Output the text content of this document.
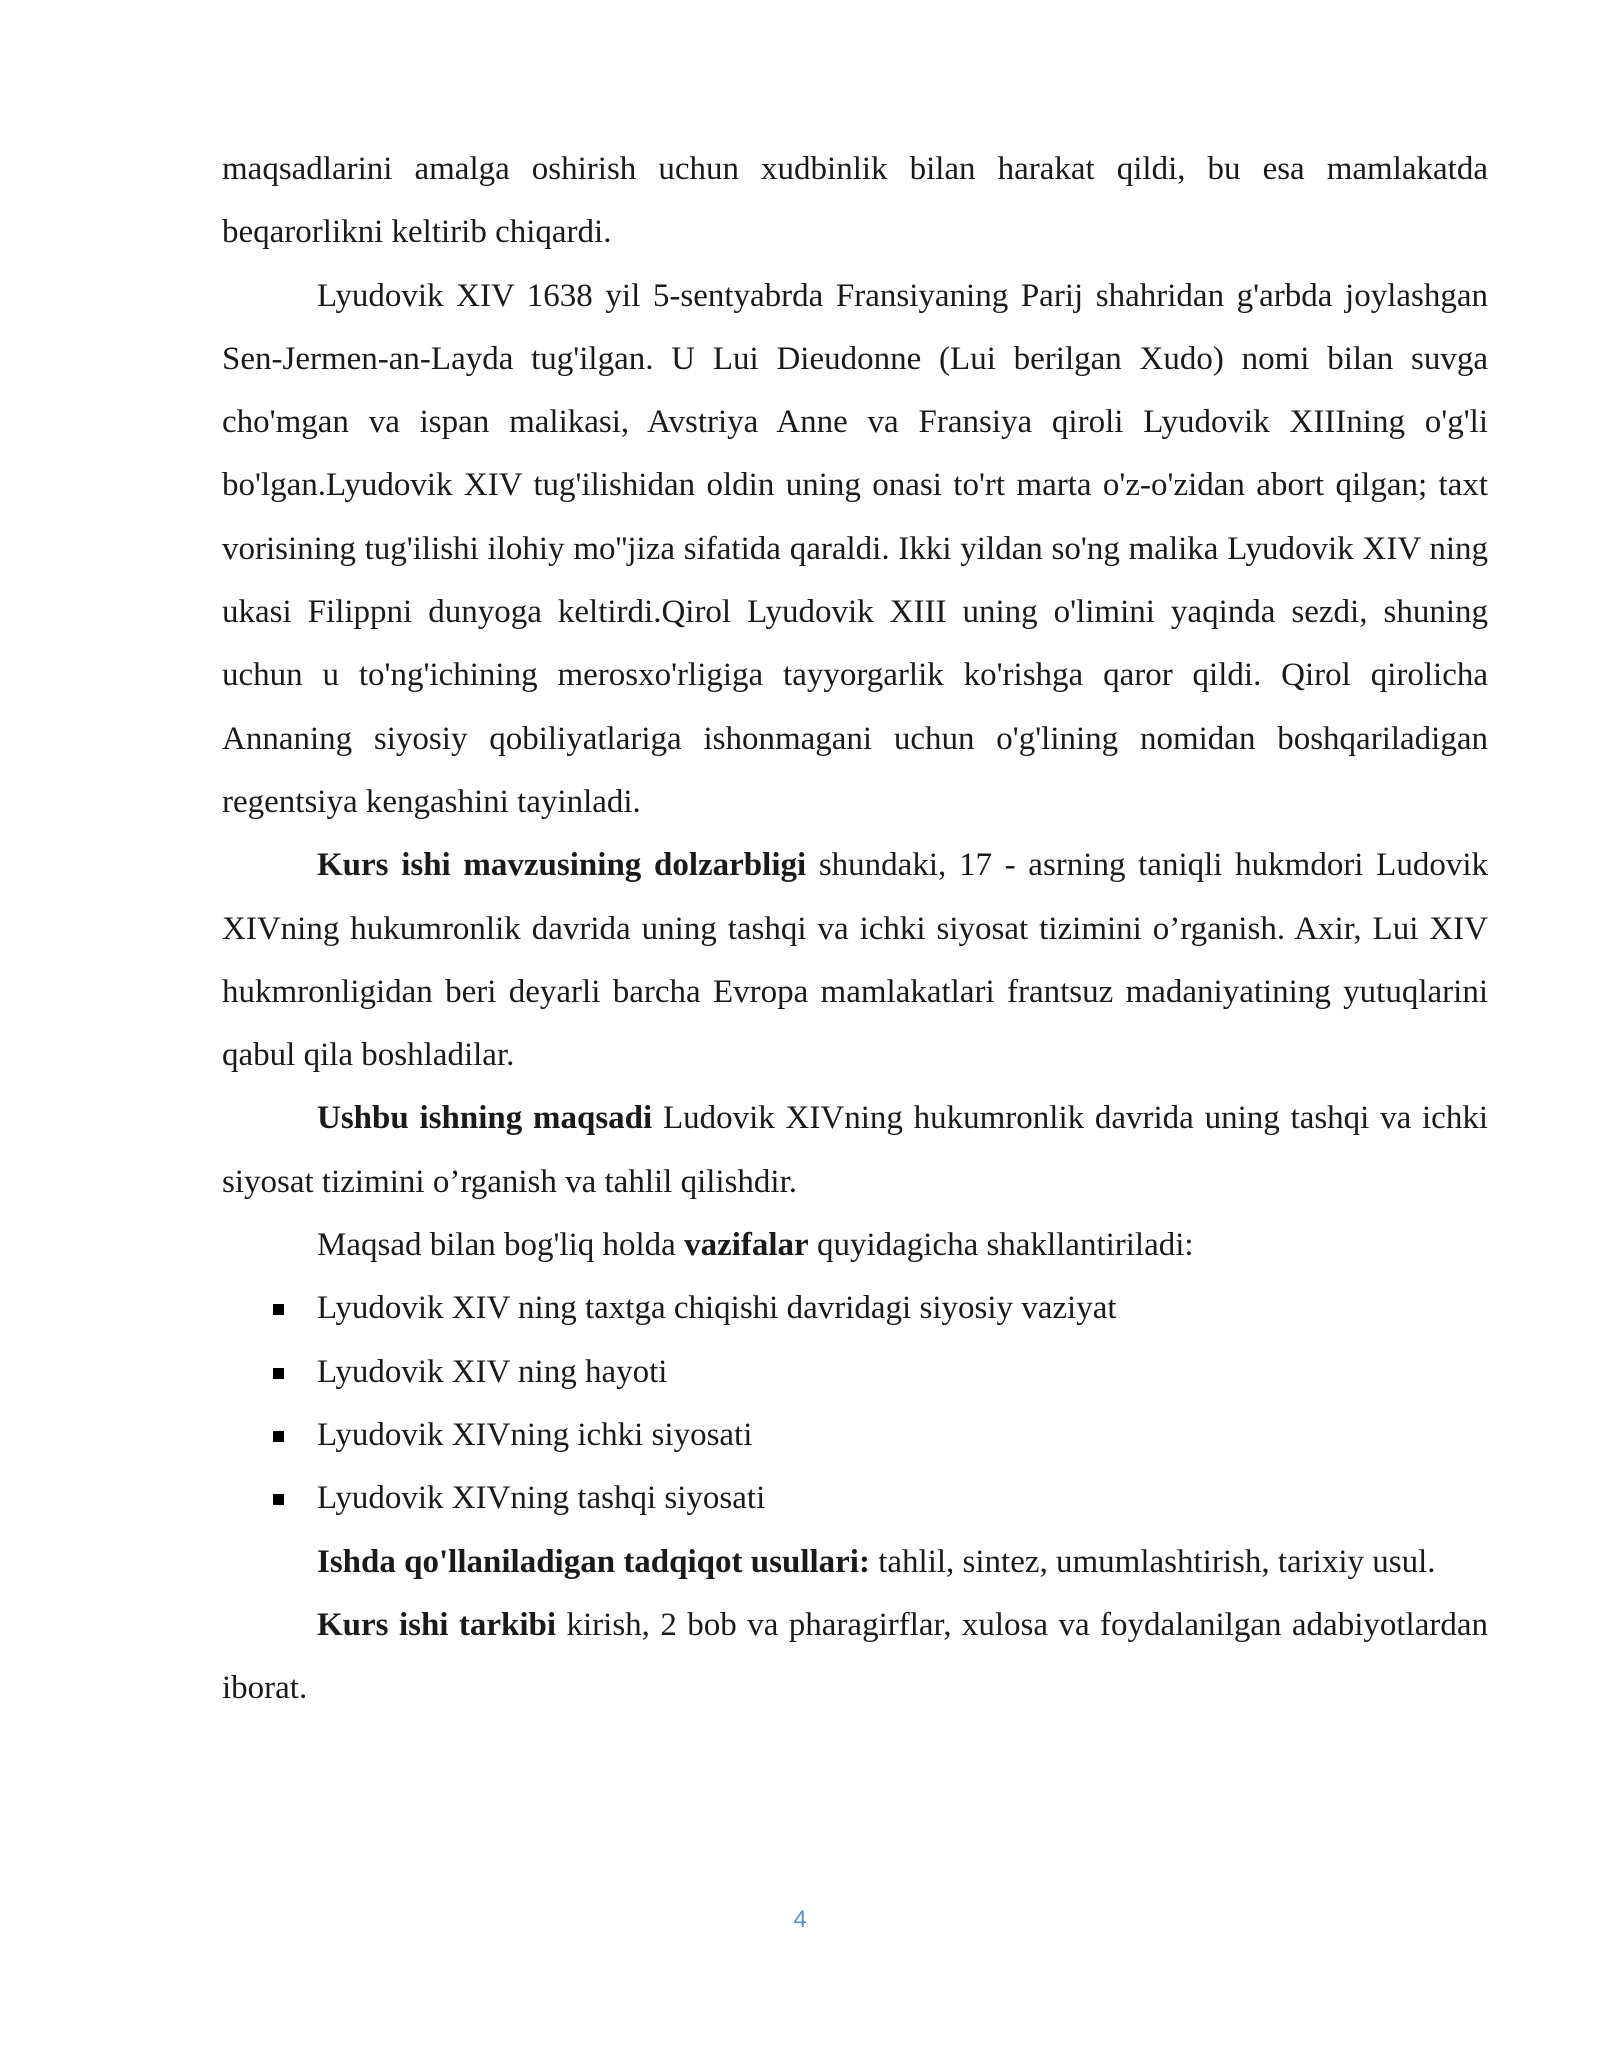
maqsadlarini amalga oshirish uchun xudbinlik bilan harakat qildi, bu esa mamlakatda beqarorlikni keltirib chiqardi.

Lyudovik XIV 1638 yil 5-sentyabrda Fransiyaning Parij shahridan g'arbda joylashgan Sen-Jermen-an-Layda tug'ilgan. U Lui Dieudonne (Lui berilgan Xudo) nomi bilan suvga cho'mgan va ispan malikasi, Avstriya Anne va Fransiya qiroli Lyudovik XIIIning o'g'li bo'lgan.Lyudovik XIV tug'ilishidan oldin uning onasi to'rt marta o'z-o'zidan abort qilgan; taxt vorisining tug'ilishi ilohiy mo''jiza sifatida qaraldi. Ikki yildan so'ng malika Lyudovik XIV ning ukasi Filippni dunyoga keltirdi.Qirol Lyudovik XIII uning o'limini yaqinda sezdi, shuning uchun u to'ng'ichining merosxo'rligiga tayyorgarlik ko'rishga qaror qildi. Qirol qirolicha Annaning siyosiy qobiliyatlariga ishonmagani uchun o'g'lining nomidan boshqariladigan regentsiya kengashini tayinladi.

Kurs ishi mavzusining dolzarbligi shundaki, 17 - asrning taniqli hukmdori Ludovik XIVning hukumronlik davrida uning tashqi va ichki siyosat tizimini o’rganish. Axir, Lui XIV hukmronligidan beri deyarli barcha Evropa mamlakatlari frantsuz madaniyatining yutuqlarini qabul qila boshladilar.

Ushbu ishning maqsadi Ludovik XIVning hukumronlik davrida uning tashqi va ichki siyosat tizimini o’rganish va tahlil qilishdir.

Maqsad bilan bog'liq holda vazifalar quyidagicha shakllantiriladi:

Lyudovik XIV ning taxtga chiqishi davridagi siyosiy vaziyat
Lyudovik XIV ning hayoti
Lyudovik XIVning ichki siyosati
Lyudovik XIVning tashqi siyosati

Ishda qo'llaniladigan tadqiqot usullari: tahlil, sintez, umumlashtirish, tarixiy usul.

Kurs ishi tarkibi kirish, 2 bob va pharagirflar, xulosa va foydalanilgan adabiyotlardan iborat.

4
